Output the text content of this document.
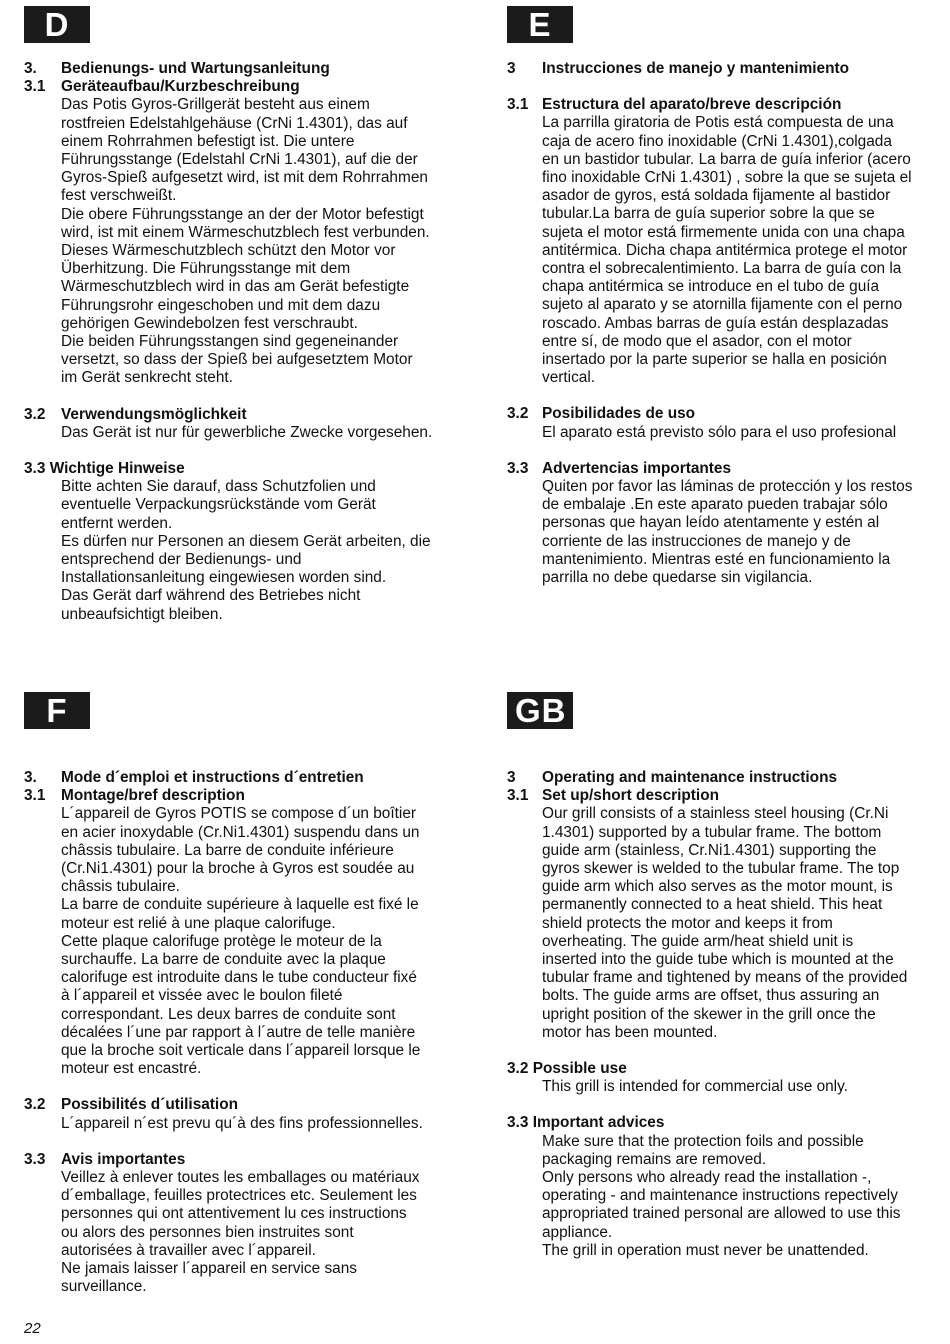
D
3.	Bedienungs- und Wartungsanleitung
3.1	Geräteaufbau/Kurzbeschreibung
Das Potis Gyros-Grillgerät besteht aus einem
rostfreien Edelstahlgehäuse (CrNi 1.4301), das auf
einem Rohrrahmen befestigt ist. Die untere
Führungsstange (Edelstahl CrNi 1.4301), auf die der
Gyros-Spieß aufgesetzt wird, ist mit dem Rohrrahmen
fest verschweißt.
Die obere Führungsstange an der der Motor befestigt
wird, ist mit einem Wärmeschutzblech fest verbunden.
Dieses Wärmeschutzblech schützt den Motor vor
Überhitzung. Die Führungsstange mit dem
Wärmeschutzblech wird in das am Gerät befestigte
Führungsrohr eingeschoben und mit dem dazu
gehörigen Gewindebolzen fest verschraubt.
Die beiden Führungsstangen sind gegeneinander
versetzt, so dass der Spieß bei aufgesetztem Motor
im Gerät senkrecht steht.
3.2	Verwendungsmöglichkeit
Das Gerät ist nur für gewerbliche Zwecke vorgesehen.
3.3
Wichtige Hinweise
Bitte achten Sie darauf, dass Schutzfolien und
eventuelle Verpackungsrückstände vom Gerät
entfernt werden.
Es dürfen nur Personen an diesem Gerät arbeiten, die
entsprechend der Bedienungs- und
Installationsanleitung eingewiesen worden sind.
Das Gerät darf während des Betriebes nicht
unbeaufsichtigt bleiben.
E
3	Instrucciones de manejo y mantenimiento
3.1 Estructura del aparato/breve descripción
La parrilla giratoria de Potis está compuesta de una
caja de acero fino inoxidable (CrNi 1.4301),colgada
en un bastidor tubular. La barra de guía inferior (acero
fino inoxidable CrNi 1.4301) , sobre la que se sujeta el
asador de gyros, está soldada fijamente al bastidor
tubular.La barra de guía superior sobre la que se
sujeta el motor está firmemente unida con una chapa
antitérmica. Dicha chapa antitérmica protege el motor
contra el sobrecalentimiento. La barra de guía con la
chapa antitérmica se introduce en el tubo de guía
sujeto al aparato y se atornilla fijamente con el perno
roscado. Ambas barras de guía están desplazadas
entre sí, de modo que el asador, con el motor
insertado por la parte superior se halla en posición
vertical.
3.2 Posibilidades de uso
El aparato está previsto sólo para el uso profesional
3.3 Advertencias importantes
Quiten por favor las láminas de protección y los restos
de embalaje .En este aparato pueden trabajar sólo
personas que hayan leído atentamente y estén al
corriente de las instrucciones de manejo y de
mantenimiento. Mientras esté en funcionamiento la
parrilla no debe quedarse sin vigilancia.
F
3.	Mode d´emploi et instructions d´entretien
3.1	Montage/bref description
L´appareil de Gyros POTIS se compose d´un boîtier
en acier inoxydable (Cr.Ni1.4301) suspendu dans un
châssis tubulaire. La barre de conduite inférieure
(Cr.Ni1.4301) pour la broche à Gyros est soudée au
châssis tubulaire.
La barre de conduite supérieure à laquelle est fixé le
moteur est relié à une plaque calorifuge.
Cette plaque calorifuge protège le moteur de la
surchauffe. La barre de conduite avec la plaque
calorifuge est introduite dans le tube conducteur fixé
à l´appareil et vissée avec le boulon fileté
correspondant. Les deux barres de conduite sont
décalées l´une par rapport à l´autre de telle manière
que la broche soit verticale dans l´appareil lorsque le
moteur est encastré.
3.2	Possibilités d´utilisation
L´appareil n´est prevu qu´à des fins professionnelles.
3.3	Avis importantes
Veillez à enlever toutes les emballages ou matériaux
d´emballage, feuilles protectrices etc. Seulement les
personnes qui ont attentivement lu ces instructions
ou alors des personnes bien instruites sont
autorisées à travailler avec l´appareil.
Ne jamais laisser l´appareil en service sans
surveillance.
GB
3	Operating and maintenance instructions
3.1 Set up/short description
Our grill consists of a stainless steel housing (Cr.Ni
1.4301) supported by a tubular frame. The bottom
guide arm (stainless, Cr.Ni1.4301) supporting the
gyros skewer is welded to the tubular frame. The top
guide arm which also serves as the motor mount, is
permanently connected to a heat shield. This heat
shield protects the motor and keeps it from
overheating. The guide arm/heat shield unit is
inserted into the guide tube which is mounted at the
tubular frame and tightened by means of the provided
bolts. The guide arms are offset, thus assuring an
upright position of the skewer in the grill once the
motor has been mounted.
3.2
Possible use
This grill is intended for commercial use only.
3.3
Important advices
Make sure that the protection foils and possible
packaging remains are removed.
Only persons who already read the installation -,
operating - and maintenance instructions repectively
appropriated trained personal are allowed to use this
appliance.
The grill in operation must never be unattended.
22
